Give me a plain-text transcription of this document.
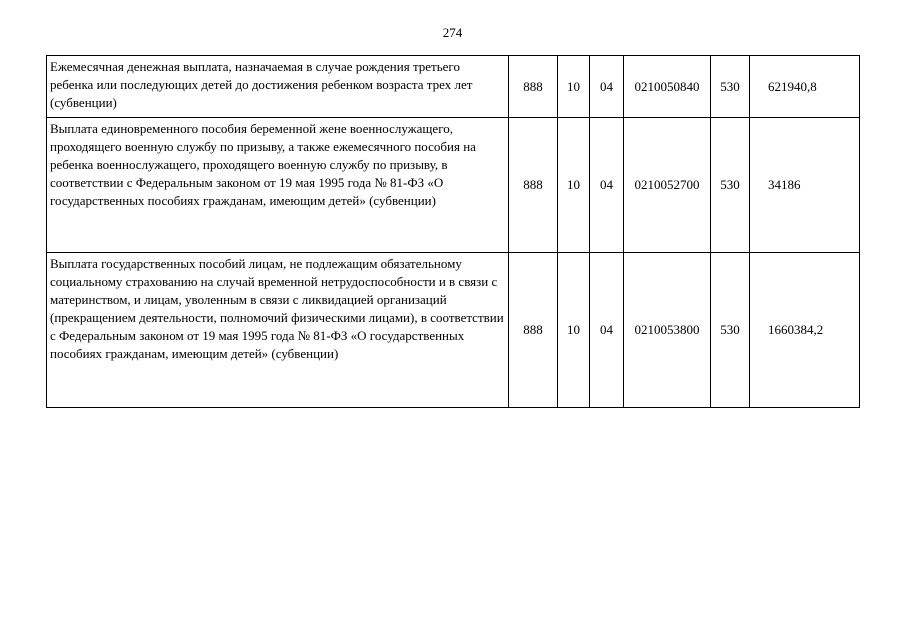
274
Ежемесячная денежная выплата, назначаемая в случае рождения третьего ребенка или последующих детей до достижения ребенком возраста трех лет (субвенции)	888	10	04	0210050840	530	621940,8
Выплата единовременного пособия беременной жене военнослужащего, проходящего военную службу по призыву, а также ежемесячного пособия на ребенка военнослужащего, проходящего военную службу по призыву, в соответствии с Федеральным законом от 19 мая 1995 года № 81-ФЗ «О государственных пособиях гражданам, имеющим детей» (субвенции)	888	10	04	0210052700	530	34186
Выплата государственных пособий лицам, не подлежащим обязательному социальному страхованию на случай временной нетрудоспособности и в связи с материнством, и лицам, уволенным в связи с ликвидацией организаций (прекращением деятельности, полномочий физическими лицами), в соответствии с Федеральным законом от 19 мая 1995 года № 81-ФЗ «О государственных пособиях гражданам, имеющим детей» (субвенции)	888	10	04	0210053800	530	1660384,2
